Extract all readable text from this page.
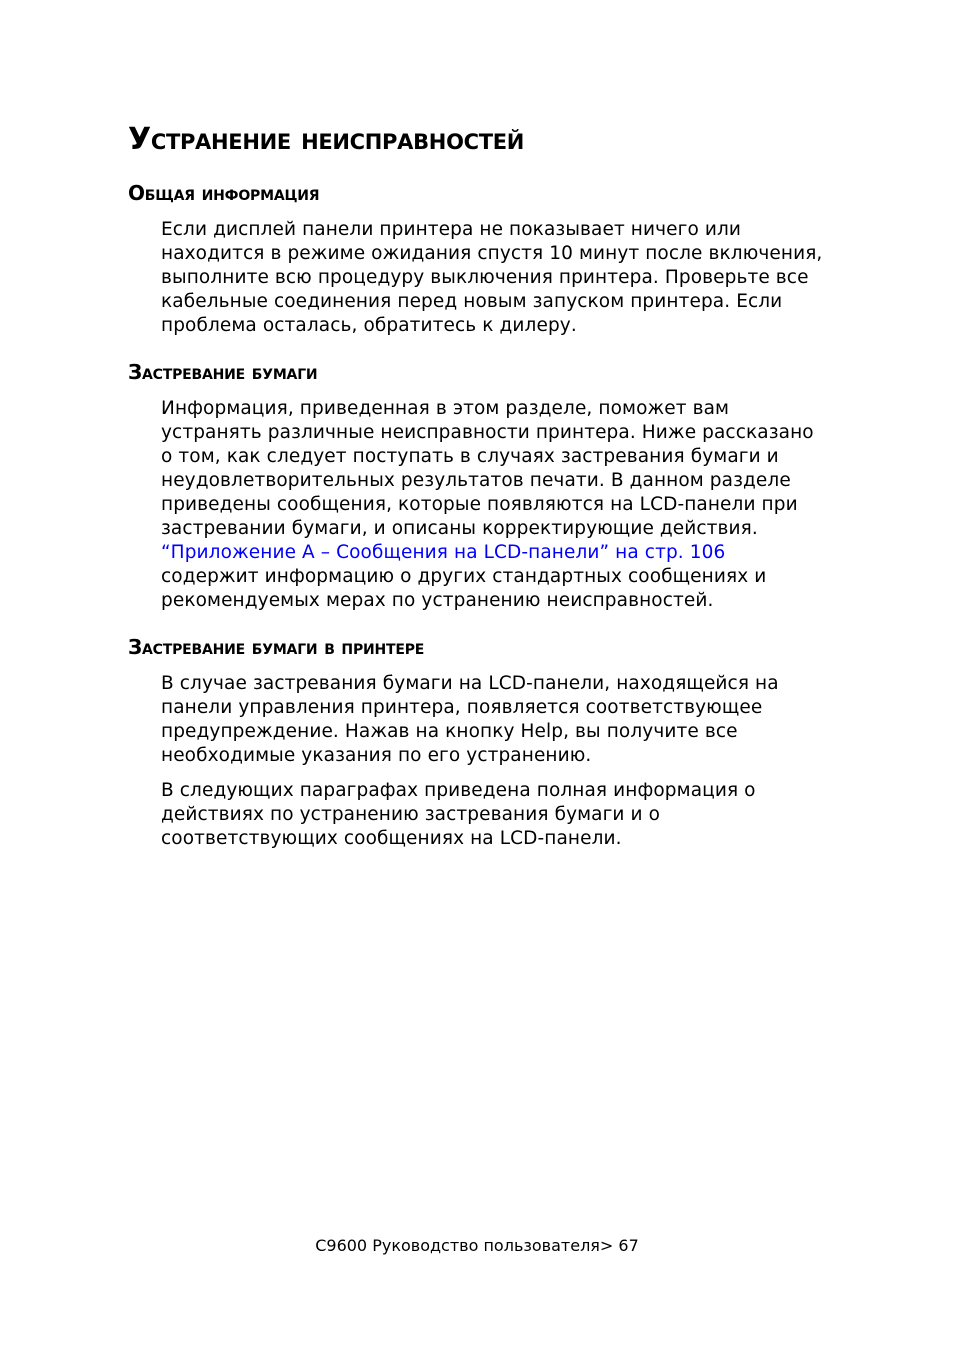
Устранение неисправностей
Общая информация
Если дисплей панели принтера не показывает ничего или
находится в режиме ожидания спустя 10 минут после включения,
выполните всю процедуру выключения принтера. Проверьте все
кабельные соединения перед новым запуском принтера. Если
проблема осталась, обратитесь к дилеру.
Застревание бумаги
Информация, приведенная в этом разделе, поможет вам
устранять различные неисправности принтера. Ниже рассказано
о том, как следует поступать в случаях застревания бумаги и
неудовлетворительных результатов печати. В данном разделе
приведены сообщения, которые появляются на LCD-панели при
застревании бумаги, и описаны корректирующие действия.
“Приложение A – Сообщения на LCD-панели” на стр. 106
содержит информацию о других стандартных сообщениях и
рекомендуемых мерах по устранению неисправностей.
Застревание бумаги в принтере
В случае застревания бумаги на LCD-панели, находящейся на
панели управления принтера, появляется соответствующее
предупреждение. Нажав на кнопку Help, вы получите все
необходимые указания по его устранению.
В следующих параграфах приведена полная информация о
действиях по устранению застревания бумаги и о
соответствующих сообщениях на LCD-панели.
C9600 Руководство пользователя> 67
